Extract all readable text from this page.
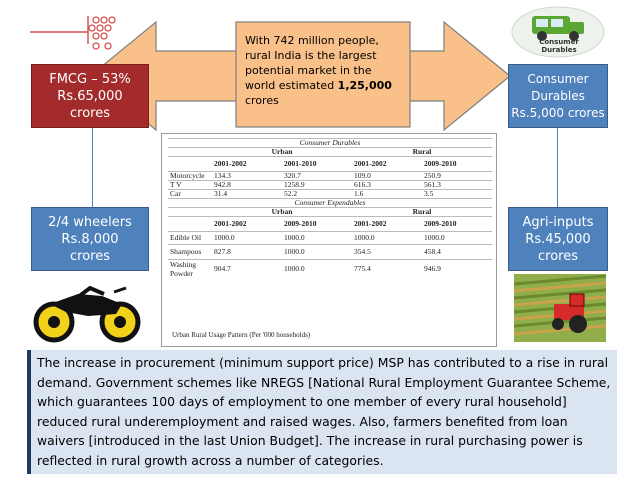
Consumer Durables
With 742 million people, rural India is the largest potential market in the world estimated 1,25,000 crores
FMCG – 53%
Rs.65,000
crores
2/4 wheelers
Rs.8,000
crores
Consumer
Durables
Rs.5,000 crores
Agri-inputs
Rs.45,000
crores
Consumer Durables				
	Urban		Rural	
	2001-2002	2001-2010	2001-2002	2009-2010
Motorcycle	134.3	320.7	109.0	250.9
T V	942.8	1258.9	616.3	561.3
Car	31.4	52.2	1.6	3.5
Consumer Expendables				
	Urban		Rural	
	2001-2002	2009-2010	2001-2002	2009-2010
Edible Oil	1000.0	1000.0	1000.0	1000.0
Shampoos	827.8	1000.0	354.5	458.4
Washing Powder	904.7	1000.0	775.4	946.9
Urban Rural Usage Pattern (Per '000 households)
The increase in procurement (minimum support price) MSP has contributed to a rise in rural demand. Government schemes like NREGS [National Rural Employment Guarantee Scheme, which guarantees 100 days of employment to one member of every rural household] reduced rural underemployment and raised wages. Also, farmers benefited from loan waivers [introduced in the last Union Budget]. The increase in rural purchasing power is reflected in rural growth across a number of categories.
